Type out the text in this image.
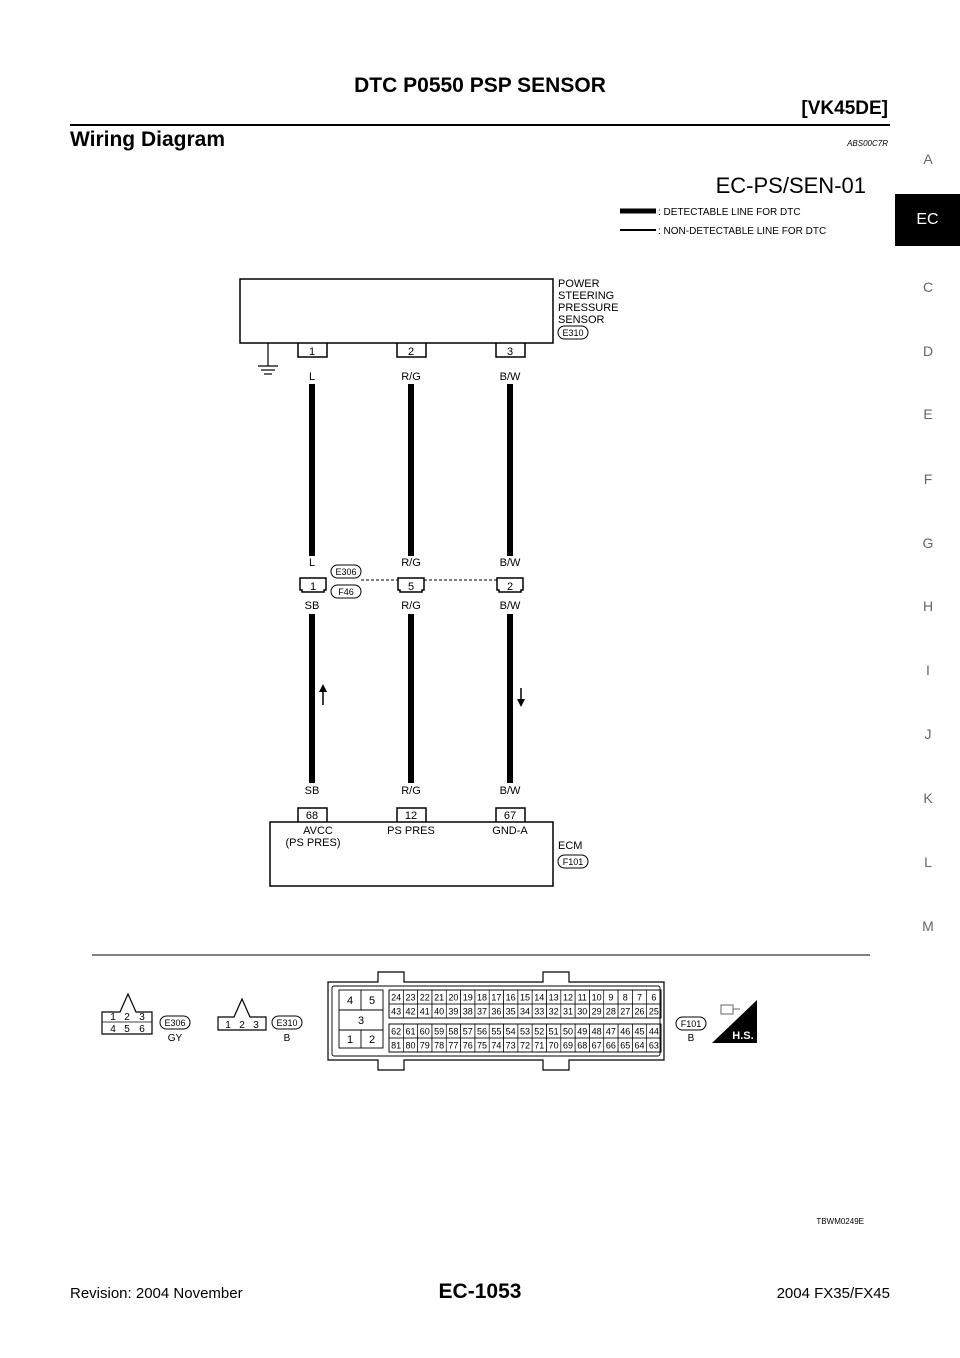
DTC P0550 PSP SENSOR
[VK45DE]
Wiring Diagram	ABS00C7R
EC
A
C
D
E
F
G
H
I
J
K
L
M
EC-PS/SEN-01
: DETECTABLE LINE FOR DTC
: NON-DETECTABLE LINE FOR DTC
POWER
STEERING
PRESSURE
SENSOR
E310
1	2	3
L	R/G	B/W
L	R/G	B/W
E306
F46
1	5	2
SB	R/G	B/W
SB	R/G	B/W
68	12	67
AVCC
(PS PRES)
PS PRES	GND-A
ECM
F101
1 2 3
4 5 6
E306
GY
1 2 3 E310
B
4 5
3
1 2
24 23 22 21 20 19 18 17 16 15 14 13 12 11 10 9 8 7 6
43 42 41 40 39 38 37 36 35 34 33 32 31 30 29 28 27 26 25
62 61 60 59 58 57 56 55 54 53 52 51 50 49 48 47 46 45 44
81 80 79 78 77 76 75 74 73 72 71 70 69 68 67 66 65 64 63
F101
B	H.S.
TBWM0249E
Revision: 2004 November	EC-1053	2004 FX35/FX45
